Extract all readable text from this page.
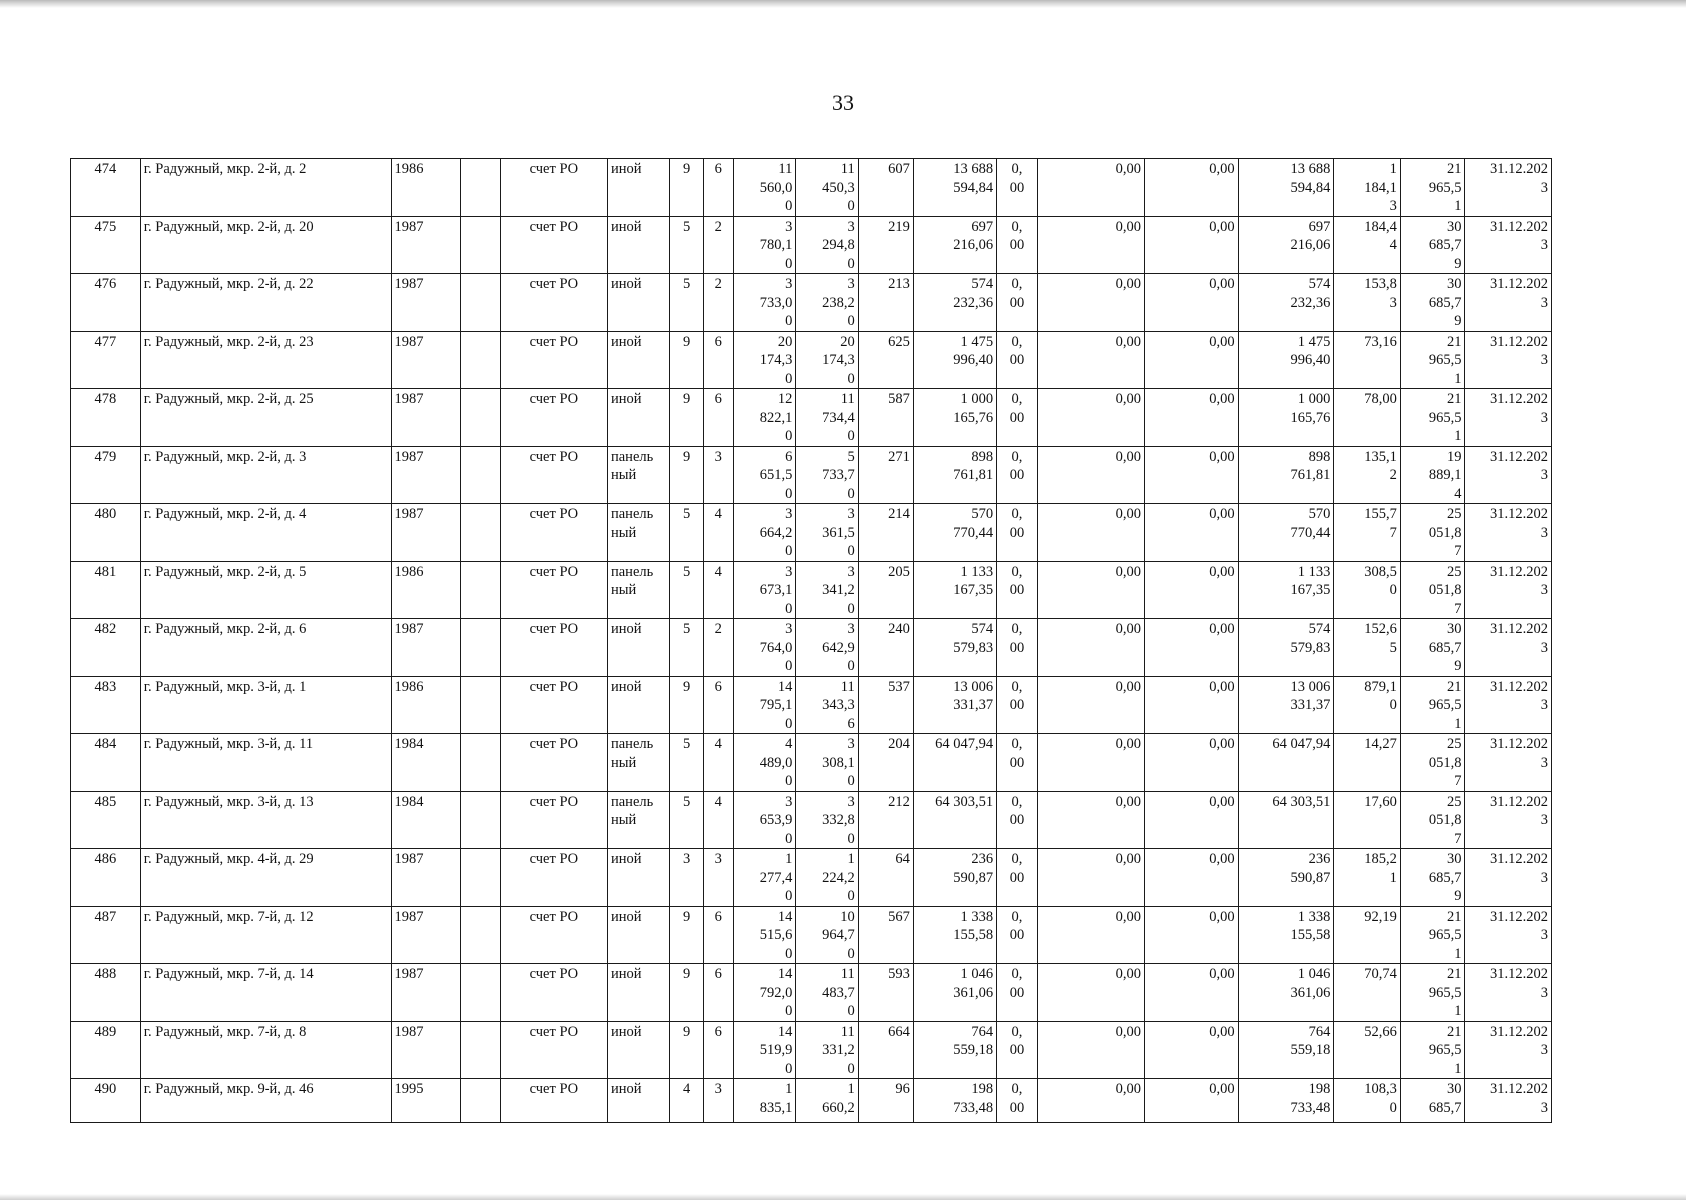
33
474	г. Радужный, мкр. 2-й, д. 2	1986		счет РО	иной	9	6	11
560,0
0	11
450,3
0	607	13 688
594,84	0,
00	0,00	0,00	13 688
594,84	1
184,1
3	21
965,5
1	31.12.202
3
475	г. Радужный, мкр. 2-й, д. 20	1987		счет РО	иной	5	2	3
780,1
0	3
294,8
0	219	697
216,06	0,
00	0,00	0,00	697
216,06	184,4
4	30
685,7
9	31.12.202
3
476	г. Радужный, мкр. 2-й, д. 22	1987		счет РО	иной	5	2	3
733,0
0	3
238,2
0	213	574
232,36	0,
00	0,00	0,00	574
232,36	153,8
3	30
685,7
9	31.12.202
3
477	г. Радужный, мкр. 2-й, д. 23	1987		счет РО	иной	9	6	20
174,3
0	20
174,3
0	625	1 475
996,40	0,
00	0,00	0,00	1 475
996,40	73,16	21
965,5
1	31.12.202
3
478	г. Радужный, мкр. 2-й, д. 25	1987		счет РО	иной	9	6	12
822,1
0	11
734,4
0	587	1 000
165,76	0,
00	0,00	0,00	1 000
165,76	78,00	21
965,5
1	31.12.202
3
479	г. Радужный, мкр. 2-й, д. 3	1987		счет РО	панель
ный	9	3	6
651,5
0	5
733,7
0	271	898
761,81	0,
00	0,00	0,00	898
761,81	135,1
2	19
889,1
4	31.12.202
3
480	г. Радужный, мкр. 2-й, д. 4	1987		счет РО	панель
ный	5	4	3
664,2
0	3
361,5
0	214	570
770,44	0,
00	0,00	0,00	570
770,44	155,7
7	25
051,8
7	31.12.202
3
481	г. Радужный, мкр. 2-й, д. 5	1986		счет РО	панель
ный	5	4	3
673,1
0	3
341,2
0	205	1 133
167,35	0,
00	0,00	0,00	1 133
167,35	308,5
0	25
051,8
7	31.12.202
3
482	г. Радужный, мкр. 2-й, д. 6	1987		счет РО	иной	5	2	3
764,0
0	3
642,9
0	240	574
579,83	0,
00	0,00	0,00	574
579,83	152,6
5	30
685,7
9	31.12.202
3
483	г. Радужный, мкр. 3-й, д. 1	1986		счет РО	иной	9	6	14
795,1
0	11
343,3
6	537	13 006
331,37	0,
00	0,00	0,00	13 006
331,37	879,1
0	21
965,5
1	31.12.202
3
484	г. Радужный, мкр. 3-й, д. 11	1984		счет РО	панель
ный	5	4	4
489,0
0	3
308,1
0	204	64 047,94	0,
00	0,00	0,00	64 047,94	14,27	25
051,8
7	31.12.202
3
485	г. Радужный, мкр. 3-й, д. 13	1984		счет РО	панель
ный	5	4	3
653,9
0	3
332,8
0	212	64 303,51	0,
00	0,00	0,00	64 303,51	17,60	25
051,8
7	31.12.202
3
486	г. Радужный, мкр. 4-й, д. 29	1987		счет РО	иной	3	3	1
277,4
0	1
224,2
0	64	236
590,87	0,
00	0,00	0,00	236
590,87	185,2
1	30
685,7
9	31.12.202
3
487	г. Радужный, мкр. 7-й, д. 12	1987		счет РО	иной	9	6	14
515,6
0	10
964,7
0	567	1 338
155,58	0,
00	0,00	0,00	1 338
155,58	92,19	21
965,5
1	31.12.202
3
488	г. Радужный, мкр. 7-й, д. 14	1987		счет РО	иной	9	6	14
792,0
0	11
483,7
0	593	1 046
361,06	0,
00	0,00	0,00	1 046
361,06	70,74	21
965,5
1	31.12.202
3
489	г. Радужный, мкр. 7-й, д. 8	1987		счет РО	иной	9	6	14
519,9
0	11
331,2
0	664	764
559,18	0,
00	0,00	0,00	764
559,18	52,66	21
965,5
1	31.12.202
3
490	г. Радужный, мкр. 9-й, д. 46	1995		счет РО	иной	4	3	1
835,1	1
660,2	96	198
733,48	0,
00	0,00	0,00	198
733,48	108,3
0	30
685,7	31.12.202
3
